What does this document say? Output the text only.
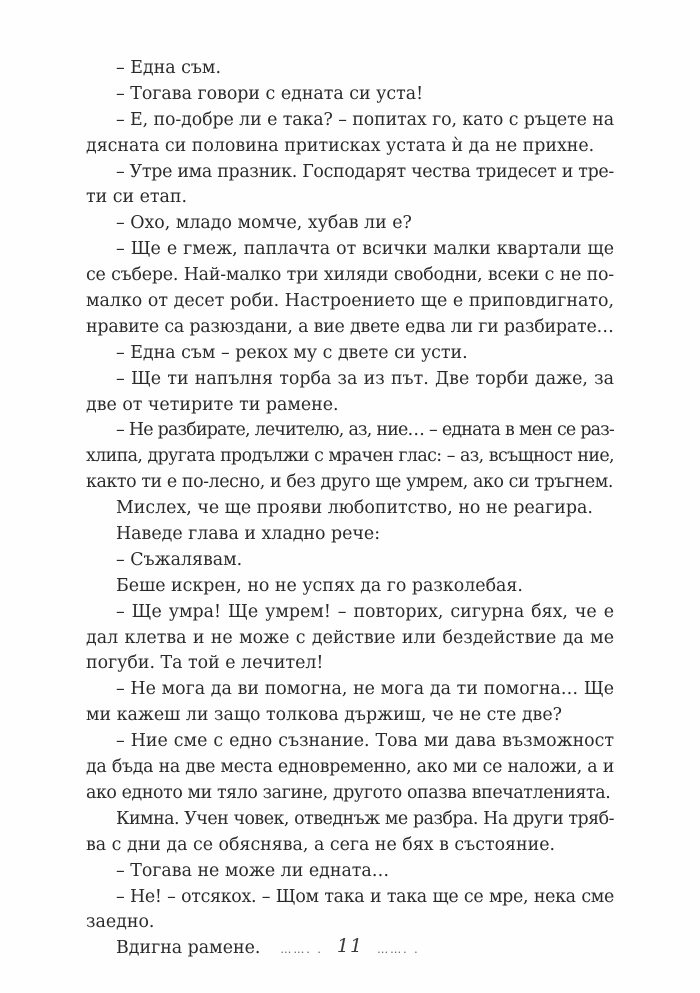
– Една съм.
– Тогава говори с едната си уста!
– Е, по-добре ли е така? – попитах го, като с ръцете на
дясната си половина притисках устата ѝ да не прихне.
– Утре има празник. Господарят чества тридесет и тре-
ти си етап.
– Охо, младо момче, хубав ли е?
– Ще е гмеж, паплачта от всички малки квартали ще
се събере. Най-малко три хиляди свободни, всеки с не по-
малко от десет роби. Настроението ще е приповдигнато,
нравите са разюздани, а вие двете едва ли ги разбирате…
– Една съм – рекох му с двете си усти.
– Ще ти напълня торба за из път. Две торби даже, за
две от четирите ти рамене.
– Не разбирате, лечителю, аз, ние… – едната в мен се раз-
хлипа, другата продължи с мрачен глас: – аз, всъщност ние,
както ти е по-лесно, и без друго ще умрем, ако си тръгнем.
Мислех, че ще прояви любопитство, но не реагира.
Наведе глава и хладно рече:
– Съжалявам.
Беше искрен, но не успях да го разколебая.
– Ще умра! Ще умрем! – повторих, сигурна бях, че е
дал клетва и не може с действие или бездействие да ме
погуби. Та той е лечител!
– Не мога да ви помогна, не мога да ти помогна… Ще
ми кажеш ли защо толкова държиш, че не сте две?
– Ние сме с едно съзнание. Това ми дава възможност
да бъда на две места едновременно, ако ми се наложи, а и
ако едното ми тяло загине, другото опазва впечатленията.
Кимна. Учен човек, отведнъж ме разбра. На други тряб-
ва с дни да се обяснява, а сега не бях в състояние.
– Тогава не може ли едната…
– Не! – отсякох. – Щом така и така ще се мре, нека сме
заедно.
Вдигна рамене.	……. . 11 ……. .
